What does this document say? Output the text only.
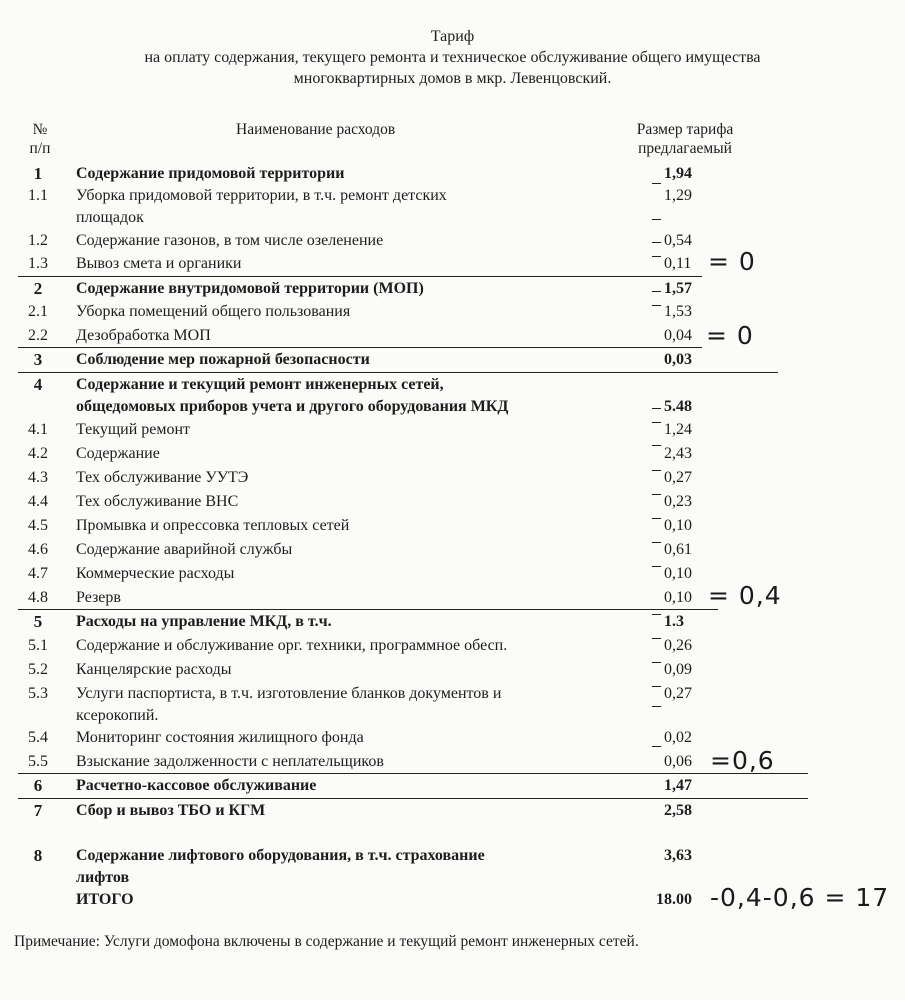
Тариф
на оплату содержания, текущего ремонта и техническое обслуживание общего имущества
многоквартирных домов в мкр. Левенцовский.
№
п/п
Наименование расходов	Размер тарифа
предлагаемый
1	Содержание придомовой территории	1,94
1.1	Уборка придомовой территории, в т.ч. ремонт детских	1,29
площадок
1.2	Содержание газонов, в том числе озеленение	0,54
1.3	Вывоз смета и органики	0,11
2	Содержание внутридомовой территории (МОП)	1,57
2.1	Уборка помещений общего пользования	1,53
2.2	Дезобработка МОП	0,04
3	Соблюдение мер пожарной безопасности	0,03
4	Содержание и текущий ремонт инженерных сетей,
общедомовых приборов учета и другого оборудования МКД	5.48
4.1	Текущий ремонт	1,24
4.2	Содержание	2,43
4.3	Тех обслуживание УУТЭ	0,27
4.4	Тех обслуживание ВНС	0,23
4.5	Промывка и опрессовка тепловых сетей	0,10
4.6	Содержание аварийной службы	0,61
4.7	Коммерческие расходы	0,10
4.8	Резерв	0,10
5	Расходы на управление МКД, в т.ч.	1.3
5.1	Содержание и обслуживание орг. техники, программное обесп.	0,26
5.2	Канцелярские расходы	0,09
5.3	Услуги паспортиста, в т.ч. изготовление бланков документов и	0,27
ксерокопий.
5.4	Мониторинг состояния жилищного фонда	0,02
5.5	Взыскание задолженности с неплательщиков	0,06
6	Расчетно-кассовое обслуживание	1,47
7	Сбор и вывоз ТБО и КГМ	2,58
8	Содержание лифтового оборудования, в т.ч. страхование	3,63
лифтов
ИТОГО	18.00
= 0
= 0
= 0,4
=0,6
-0,4-0,6 = 17
Примечание: Услуги домофона включены в содержание и текущий ремонт инженерных сетей.
